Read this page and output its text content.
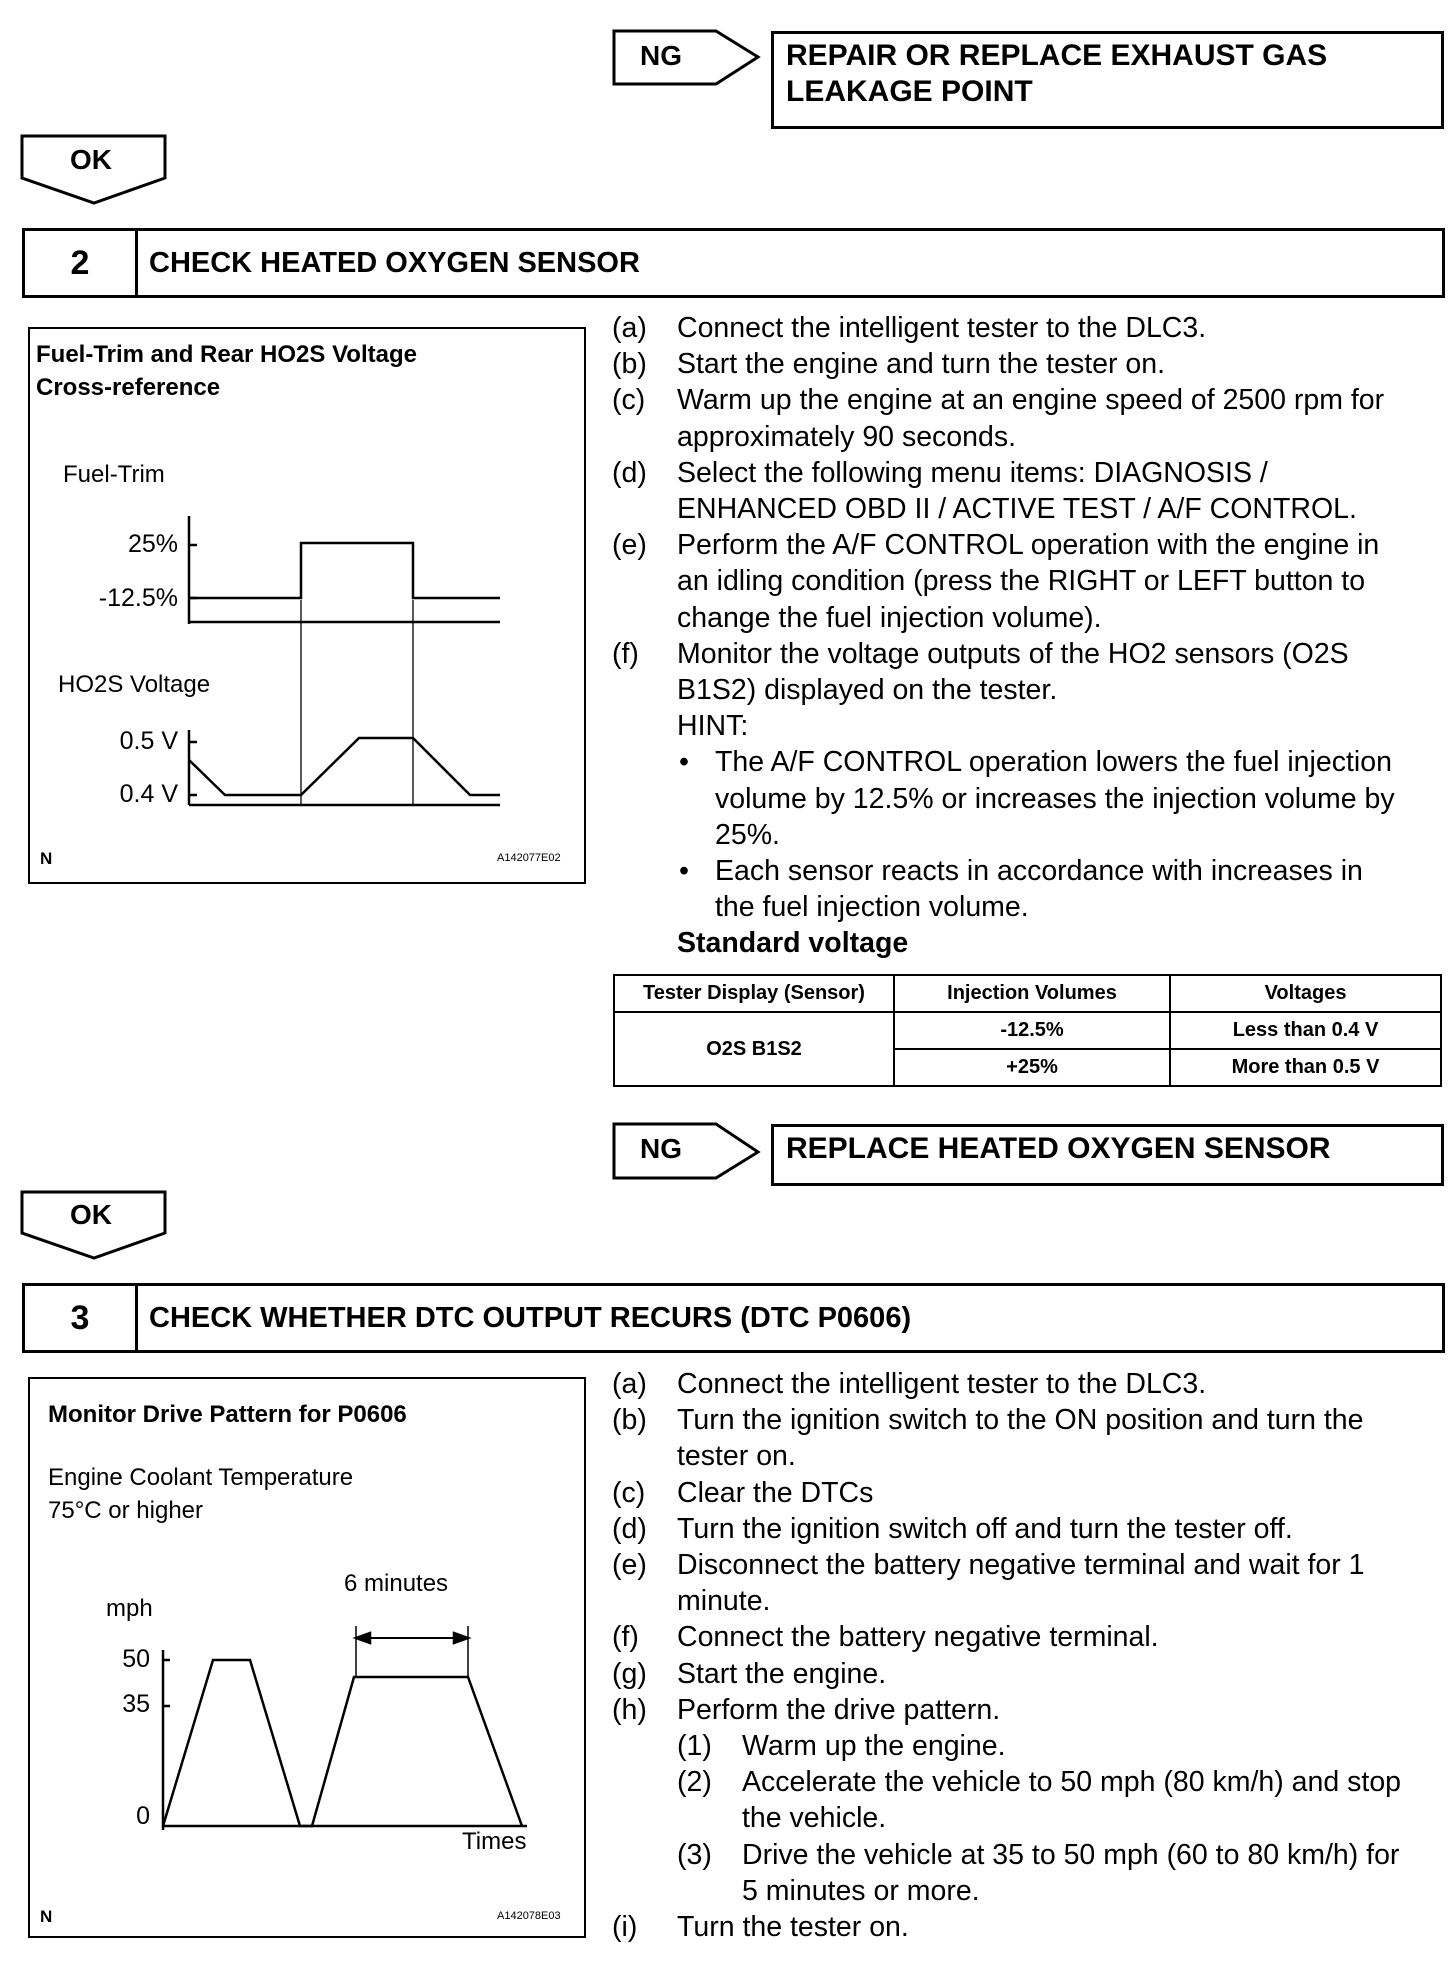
NG	REPAIR OR REPLACE EXHAUST GAS
LEAKAGE POINT
OK
2	CHECK HEATED OXYGEN SENSOR
Fuel-Trim and Rear HO2S Voltage
Cross-reference
Fuel-Trim
25%
-12.5%
HO2S Voltage
0.5 V
0.4 V
N	A142077E02
(a) Connect the intelligent tester to the DLC3.
(b) Start the engine and turn the tester on.
(c) Warm up the engine at an engine speed of 2500 rpm for
approximately 90 seconds.
(d) Select the following menu items: DIAGNOSIS /
ENHANCED OBD II / ACTIVE TEST / A/F CONTROL.
(e) Perform the A/F CONTROL operation with the engine in
an idling condition (press the RIGHT or LEFT button to
change the fuel injection volume).
(f) Monitor the voltage outputs of the HO2 sensors (O2S
B1S2) displayed on the tester.
HINT:
• The A/F CONTROL operation lowers the fuel injection
volume by 12.5% or increases the injection volume by
25%.
• Each sensor reacts in accordance with increases in
the fuel injection volume.
Standard voltage
Tester Display (Sensor)	Injection Volumes	Voltages
O2S B1S2	-12.5%	Less than 0.4 V
	+25%	More than 0.5 V
NG	REPLACE HEATED OXYGEN SENSOR
OK
3	CHECK WHETHER DTC OUTPUT RECURS (DTC P0606)
Monitor Drive Pattern for P0606
Engine Coolant Temperature
75°C or higher
6 minutes
mph
50
35
0
Times
N	A142078E03
(a) Connect the intelligent tester to the DLC3.
(b) Turn the ignition switch to the ON position and turn the
tester on.
(c) Clear the DTCs
(d) Turn the ignition switch off and turn the tester off.
(e) Disconnect the battery negative terminal and wait for 1
minute.
(f) Connect the battery negative terminal.
(g) Start the engine.
(h) Perform the drive pattern.
(1) Warm up the engine.
(2) Accelerate the vehicle to 50 mph (80 km/h) and stop
the vehicle.
(3) Drive the vehicle at 35 to 50 mph (60 to 80 km/h) for
5 minutes or more.
(i) Turn the tester on.
